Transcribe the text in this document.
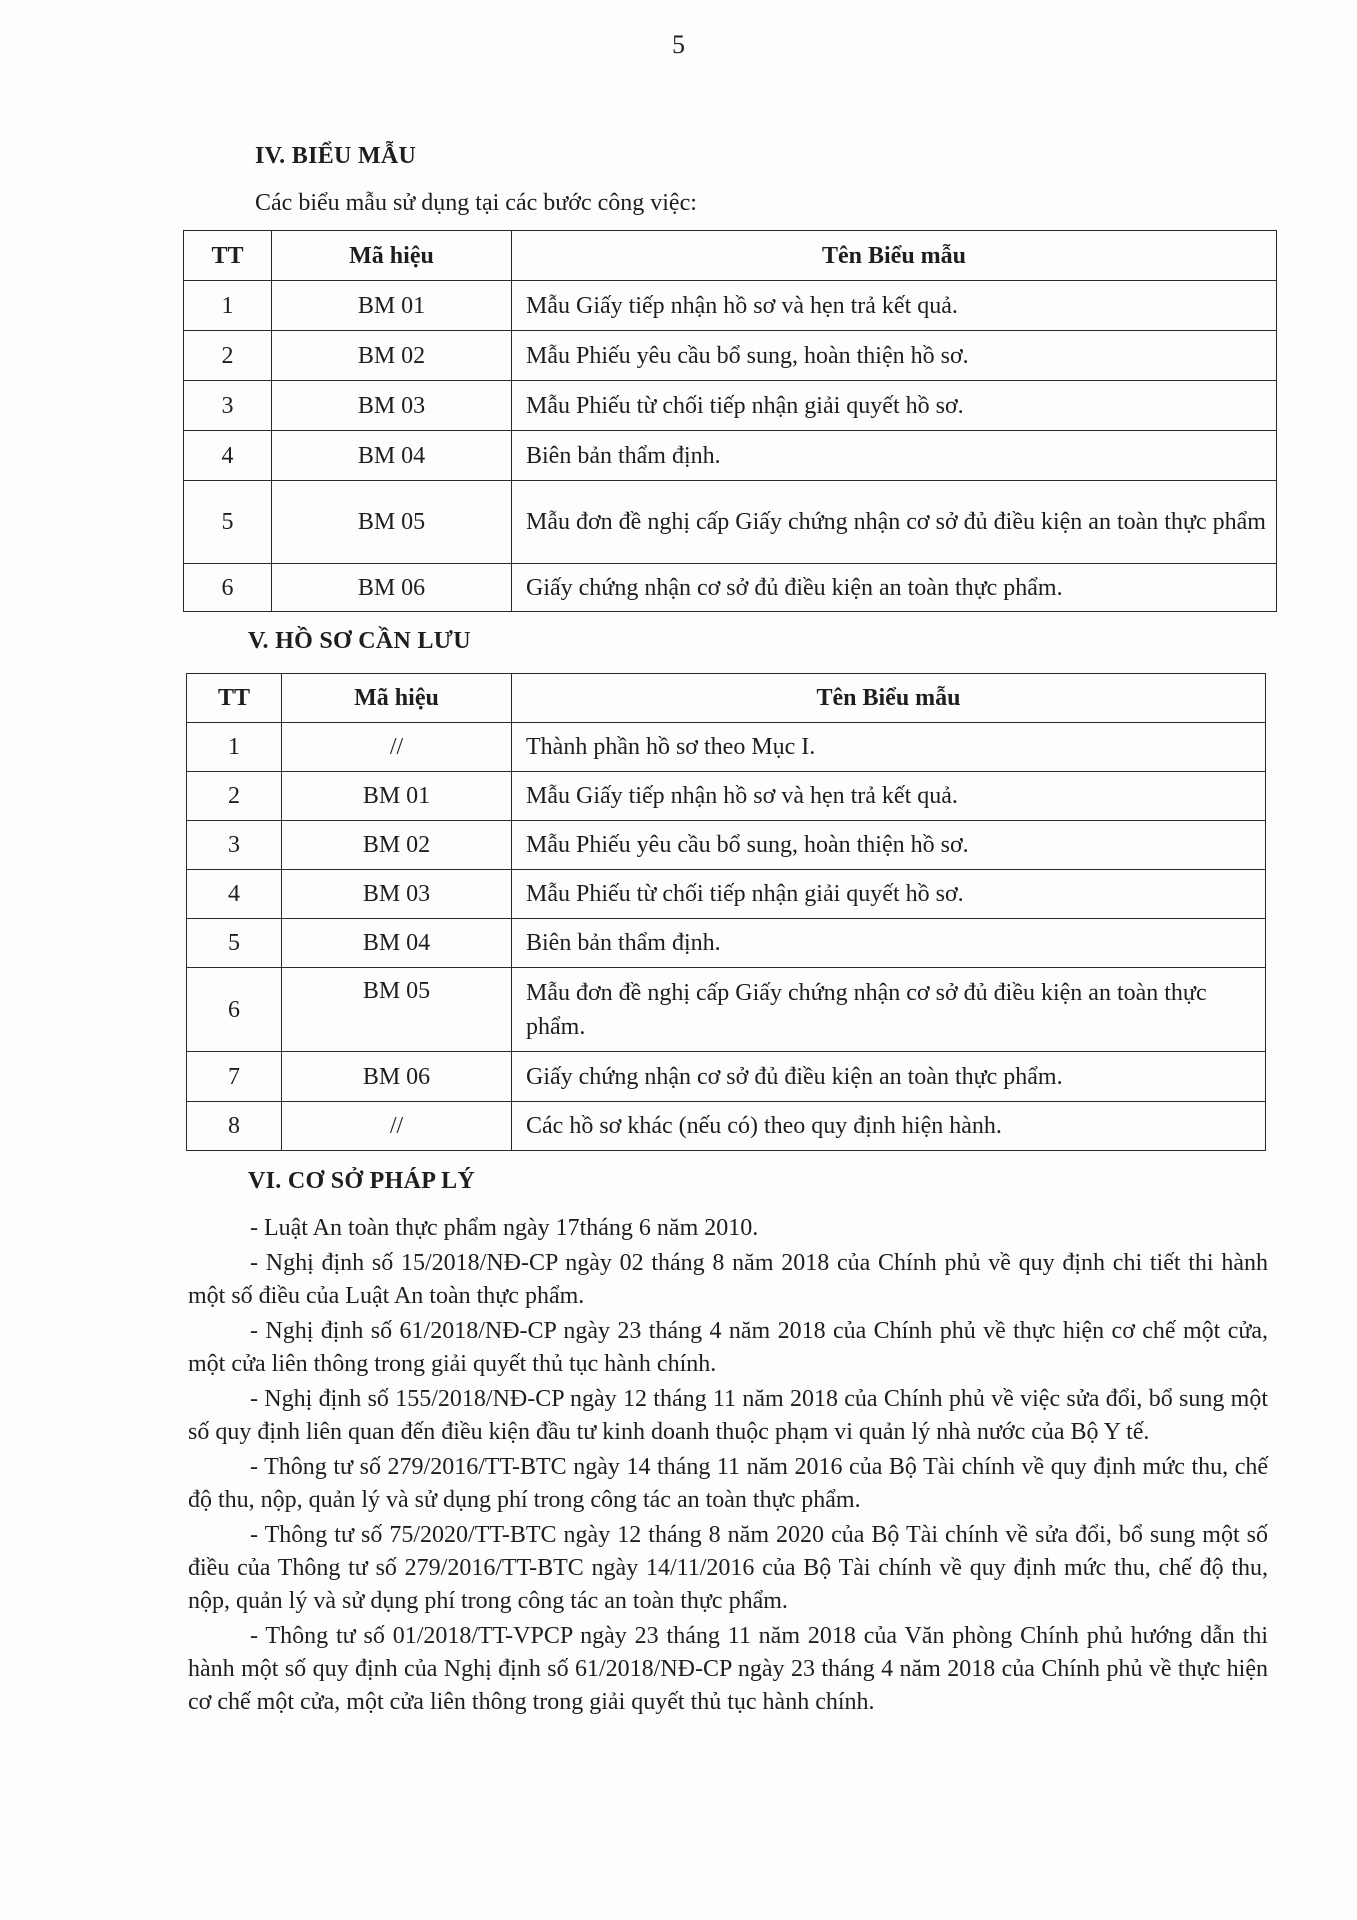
5
IV. BIỂU MẪU
Các biểu mẫu sử dụng tại các bước công việc:
TT	Mã hiệu	Tên Biểu mẫu
1	BM 01	Mẫu Giấy tiếp nhận hồ sơ và hẹn trả kết quả.
2	BM 02	Mẫu Phiếu yêu cầu bổ sung, hoàn thiện hồ sơ.
3	BM 03	Mẫu Phiếu từ chối tiếp nhận giải quyết hồ sơ.
4	BM 04	Biên bản thẩm định.
5	BM 05	Mẫu đơn đề nghị cấp Giấy chứng nhận cơ sở đủ điều kiện an toàn thực phẩm
6	BM 06	Giấy chứng nhận cơ sở đủ điều kiện an toàn thực phẩm.
V. HỒ SƠ CẦN LƯU
TT	Mã hiệu	Tên Biểu mẫu
1	//	Thành phần hồ sơ theo Mục I.
2	BM 01	Mẫu Giấy tiếp nhận hồ sơ và hẹn trả kết quả.
3	BM 02	Mẫu Phiếu yêu cầu bổ sung, hoàn thiện hồ sơ.
4	BM 03	Mẫu Phiếu từ chối tiếp nhận giải quyết hồ sơ.
5	BM 04	Biên bản thẩm định.
6	BM 05	Mẫu đơn đề nghị cấp Giấy chứng nhận cơ sở đủ điều kiện an toàn thực phẩm.
7	BM 06	Giấy chứng nhận cơ sở đủ điều kiện an toàn thực phẩm.
8	//	Các hồ sơ khác (nếu có) theo quy định hiện hành.
VI. CƠ SỞ PHÁP LÝ

- Luật An toàn thực phẩm ngày 17tháng 6 năm 2010.

- Nghị định số 15/2018/NĐ-CP ngày 02 tháng 8 năm 2018 của Chính phủ về quy định chi tiết thi hành một số điều của Luật An toàn thực phẩm.

- Nghị định số 61/2018/NĐ-CP ngày 23 tháng 4 năm 2018 của Chính phủ về thực hiện cơ chế một cửa, một cửa liên thông trong giải quyết thủ tục hành chính.

- Nghị định số 155/2018/NĐ-CP ngày 12 tháng 11 năm 2018 của Chính phủ về việc sửa đổi, bổ sung một số quy định liên quan đến điều kiện đầu tư kinh doanh thuộc phạm vi quản lý nhà nước của Bộ Y tế.

- Thông tư số 279/2016/TT-BTC ngày 14 tháng 11 năm 2016 của Bộ Tài chính về quy định mức thu, chế độ thu, nộp, quản lý và sử dụng phí trong công tác an toàn thực phẩm.

- Thông tư số 75/2020/TT-BTC ngày 12 tháng 8 năm 2020 của Bộ Tài chính về sửa đổi, bổ sung một số điều của Thông tư số 279/2016/TT-BTC ngày 14/11/2016 của Bộ Tài chính về quy định mức thu, chế độ thu, nộp, quản lý và sử dụng phí trong công tác an toàn thực phẩm.

- Thông tư số 01/2018/TT-VPCP ngày 23 tháng 11 năm 2018 của Văn phòng Chính phủ hướng dẫn thi hành một số quy định của Nghị định số 61/2018/NĐ-CP ngày 23 tháng 4 năm 2018 của Chính phủ về thực hiện cơ chế một cửa, một cửa liên thông trong giải quyết thủ tục hành chính.
